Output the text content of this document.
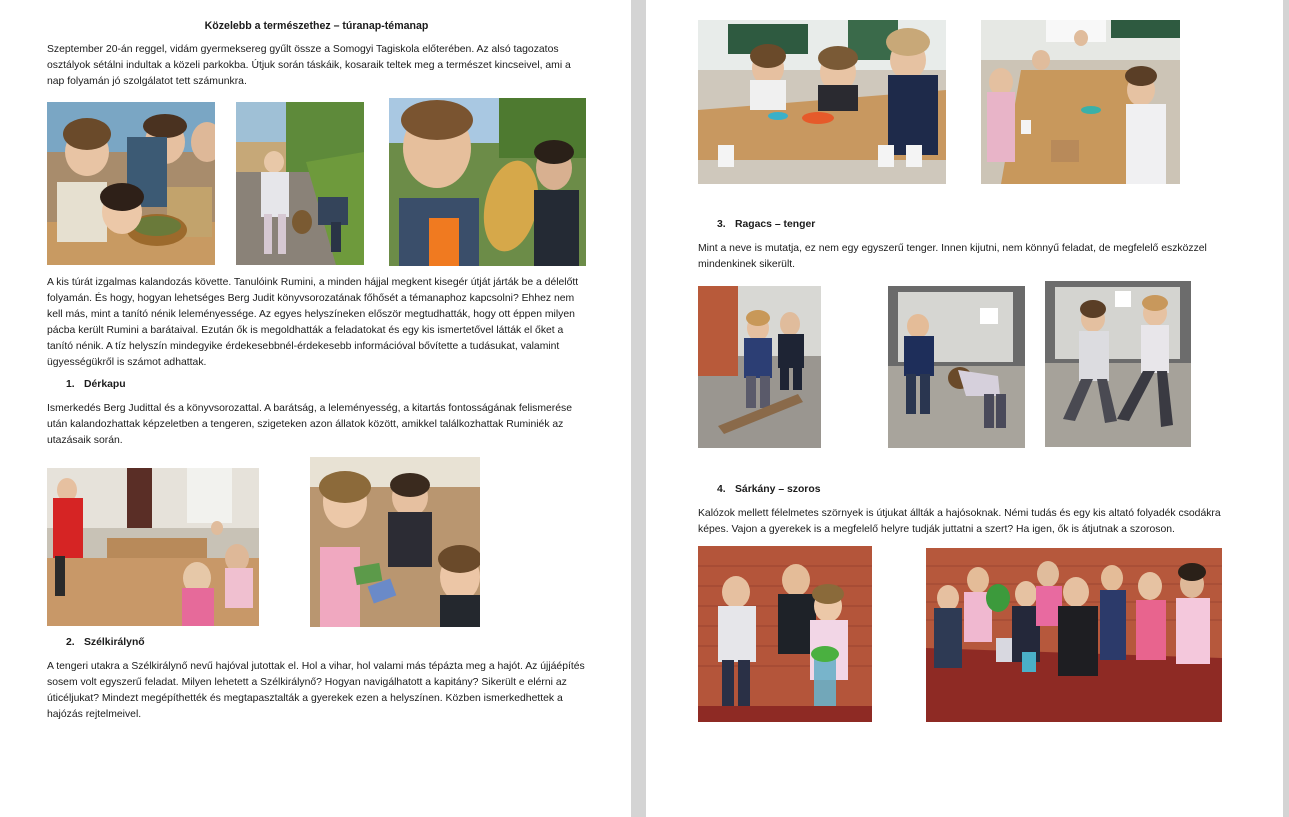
Közelebb a természethez – túranap-témanap

Szeptember 20-án reggel, vidám gyermeksereg gyűlt össze a Somogyi Tagiskola előterében. Az alsó tagozatos osztályok sétálni indultak a közeli parkokba. Útjuk során táskáik, kosaraik teltek meg a természet kincseivel, ami a nap folyamán jó szolgálatot tett számunkra.

A kis túrát izgalmas kalandozás követte. Tanulóink Rumini, a minden hájjal megkent kisegér útját járták be a délelőtt folyamán. És hogy, hogyan lehetséges Berg Judit könyvsorozatának főhősét a témanaphoz kapcsolni? Ehhez nem kell más, mint a tanító nénik leleményessége. Az egyes helyszíneken először megtudhatták, hogy ott éppen milyen pácba került Rumini a barátaival. Ezután ők is megoldhatták a feladatokat és egy kis ismertetővel látták el őket a tanító nénik. A tíz helyszín mindegyike érdekesebbnél-érdekesebb információval bővítette a tudásukat, valamint ügyességükről is számot adhattak.

1. Dérkapu

Ismerkedés Berg Judittal és a könyvsorozattal. A barátság, a leleményesség, a kitartás fontosságának felismerése után kalandozhattak képzeletben a tengeren, szigeteken azon állatok között, amikkel találkozhattak Ruminiék az utazásaik során.

2. Szélkirálynő

A tengeri utakra a Szélkirálynő nevű hajóval jutottak el. Hol a vihar, hol valami más tépázta meg a hajót. Az újjáépítés sosem volt egyszerű feladat. Milyen lehetett a Szélkirálynő? Hogyan navigálhatott a kapitány? Sikerült e elérni az úticéljukat? Mindezt megépíthették és megtapasztalták a gyerekek ezen a helyszínen. Közben ismerkedhettek a hajózás rejtelmeivel.

3. Ragacs – tenger

Mint a neve is mutatja, ez nem egy egyszerű tenger. Innen kijutni, nem könnyű feladat, de megfelelő eszközzel mindenkinek sikerült.

4. Sárkány – szoros

Kalózok mellett félelmetes szörnyek is útjukat állták a hajósoknak. Némi tudás és egy kis altató folyadék csodákra képes. Vajon a gyerekek is a megfelelő helyre tudják juttatni a szert? Ha igen, ők is átjutnak a szoroson.
